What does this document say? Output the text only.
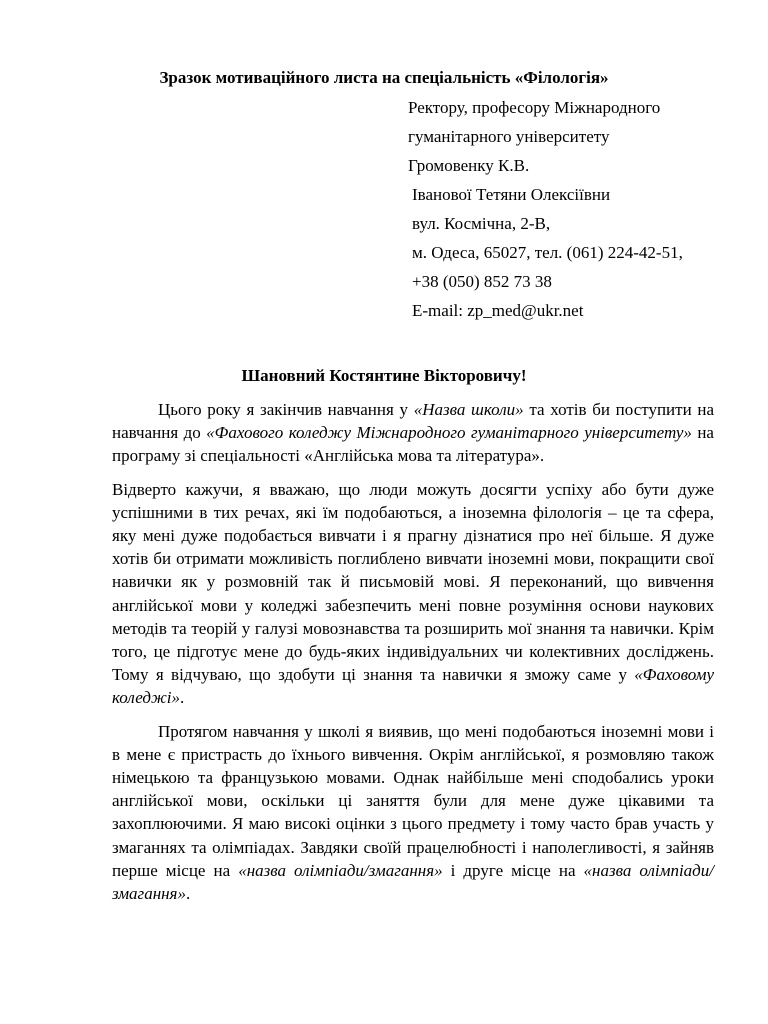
Зразок мотиваційного листа на спеціальність «Філологія»
Ректору, професору Міжнародного
гуманітарного університету
Громовенку К.В.
Іванової Тетяни Олексіївни
вул. Космічна, 2-В,
м. Одеса, 65027, тел. (061) 224-42-51,
+38 (050) 852 73 38
E-mail: zp_med@ukr.net
Шановний Костянтине Вікторовичу!

Цього року я закінчив навчання у «Назва школи» та хотів би поступити на навчання до «Фахового коледжу Міжнародного гуманітарного університету» на програму зі спеціальності «Англійська мова та література».

Відверто кажучи, я вважаю, що люди можуть досягти успіху або бути дуже успішними в тих речах, які їм подобаються, а іноземна філологія – це та сфера, яку мені дуже подобається вивчати і я прагну дізнатися про неї більше. Я дуже хотів би отримати можливість поглиблено вивчати іноземні мови, покращити свої навички як у розмовній так й письмовій мові. Я переконаний, що вивчення англійської мови у коледжі забезпечить мені повне розуміння основи наукових методів та теорій у галузі мовознавства та розширить мої знання та навички. Крім того, це підготує мене до будь-яких індивідуальних чи колективних досліджень. Тому я відчуваю, що здобути ці знання та навички я зможу саме у «Фаховому коледжі».

Протягом навчання у школі я виявив, що мені подобаються іноземні мови і в мене є пристрасть до їхнього вивчення. Окрім англійської, я розмовляю також німецькою та французькою мовами. Однак найбільше мені сподобались уроки англійської мови, оскільки ці заняття були для мене дуже цікавими та захоплюючими. Я маю високі оцінки з цього предмету і тому часто брав участь у змаганнях та олімпіадах. Завдяки своїй працелюбності і наполегливості, я зайняв перше місце на «назва олімпіади/змагання» і друге місце на «назва олімпіади/змагання».
